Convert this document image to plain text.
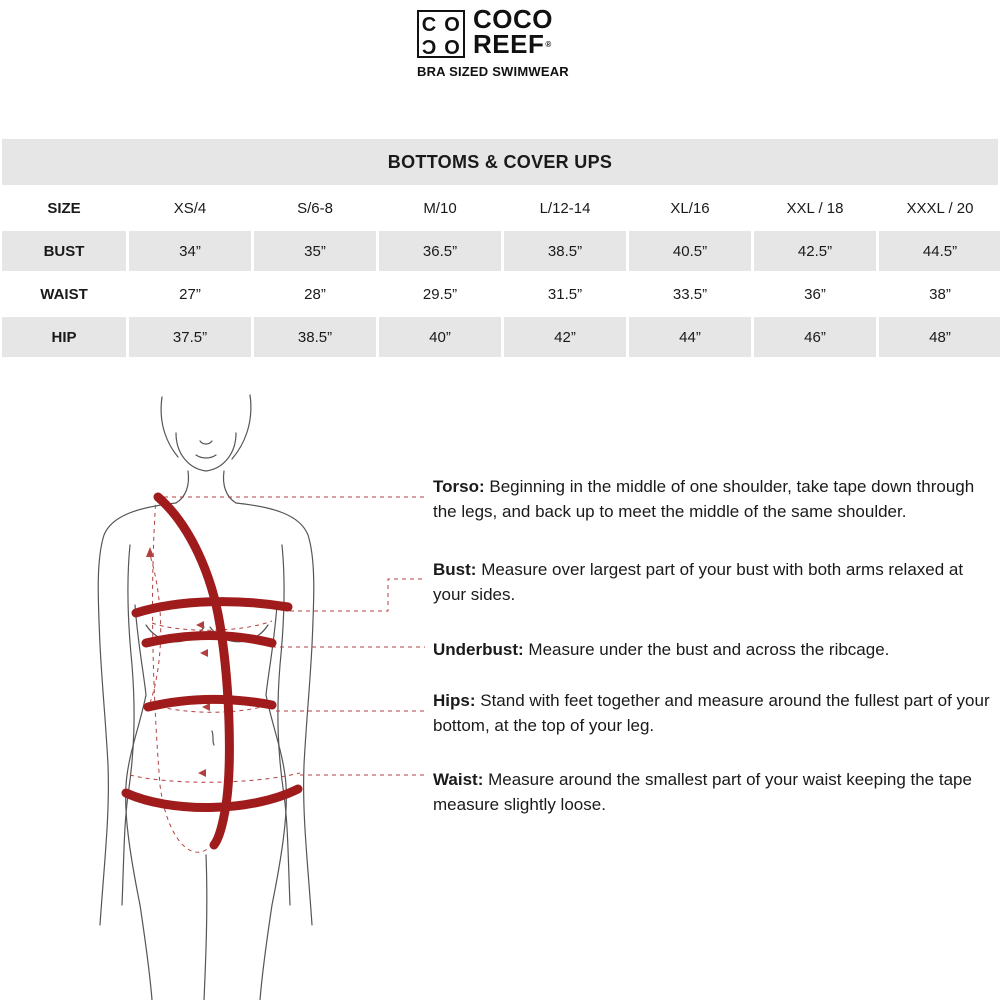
C O
C O
COCO
REEF®
BRA SIZED SWIMWEAR
BOTTOMS & COVER UPS
SIZE	XS/4	S/6-8	M/10	L/12-14	XL/16	XXL / 18	XXXL / 20
BUST	34”	35”	36.5”	38.5”	40.5”	42.5”	44.5”
WAIST	27”	28”	29.5”	31.5”	33.5”	36”	38”
HIP	37.5”	38.5”	40”	42”	44”	46”	48”
Torso: Beginning in the middle of one shoulder, take tape down through the legs, and back up to meet the middle of the same shoulder.
Bust: Measure over largest part of your bust with both arms relaxed at your sides.
Underbust: Measure under the bust and across the ribcage.
Hips: Stand with feet together and measure around the fullest part of your bottom, at the top of your leg.
Waist: Measure around the smallest part of your waist keeping the tape measure slightly loose.
